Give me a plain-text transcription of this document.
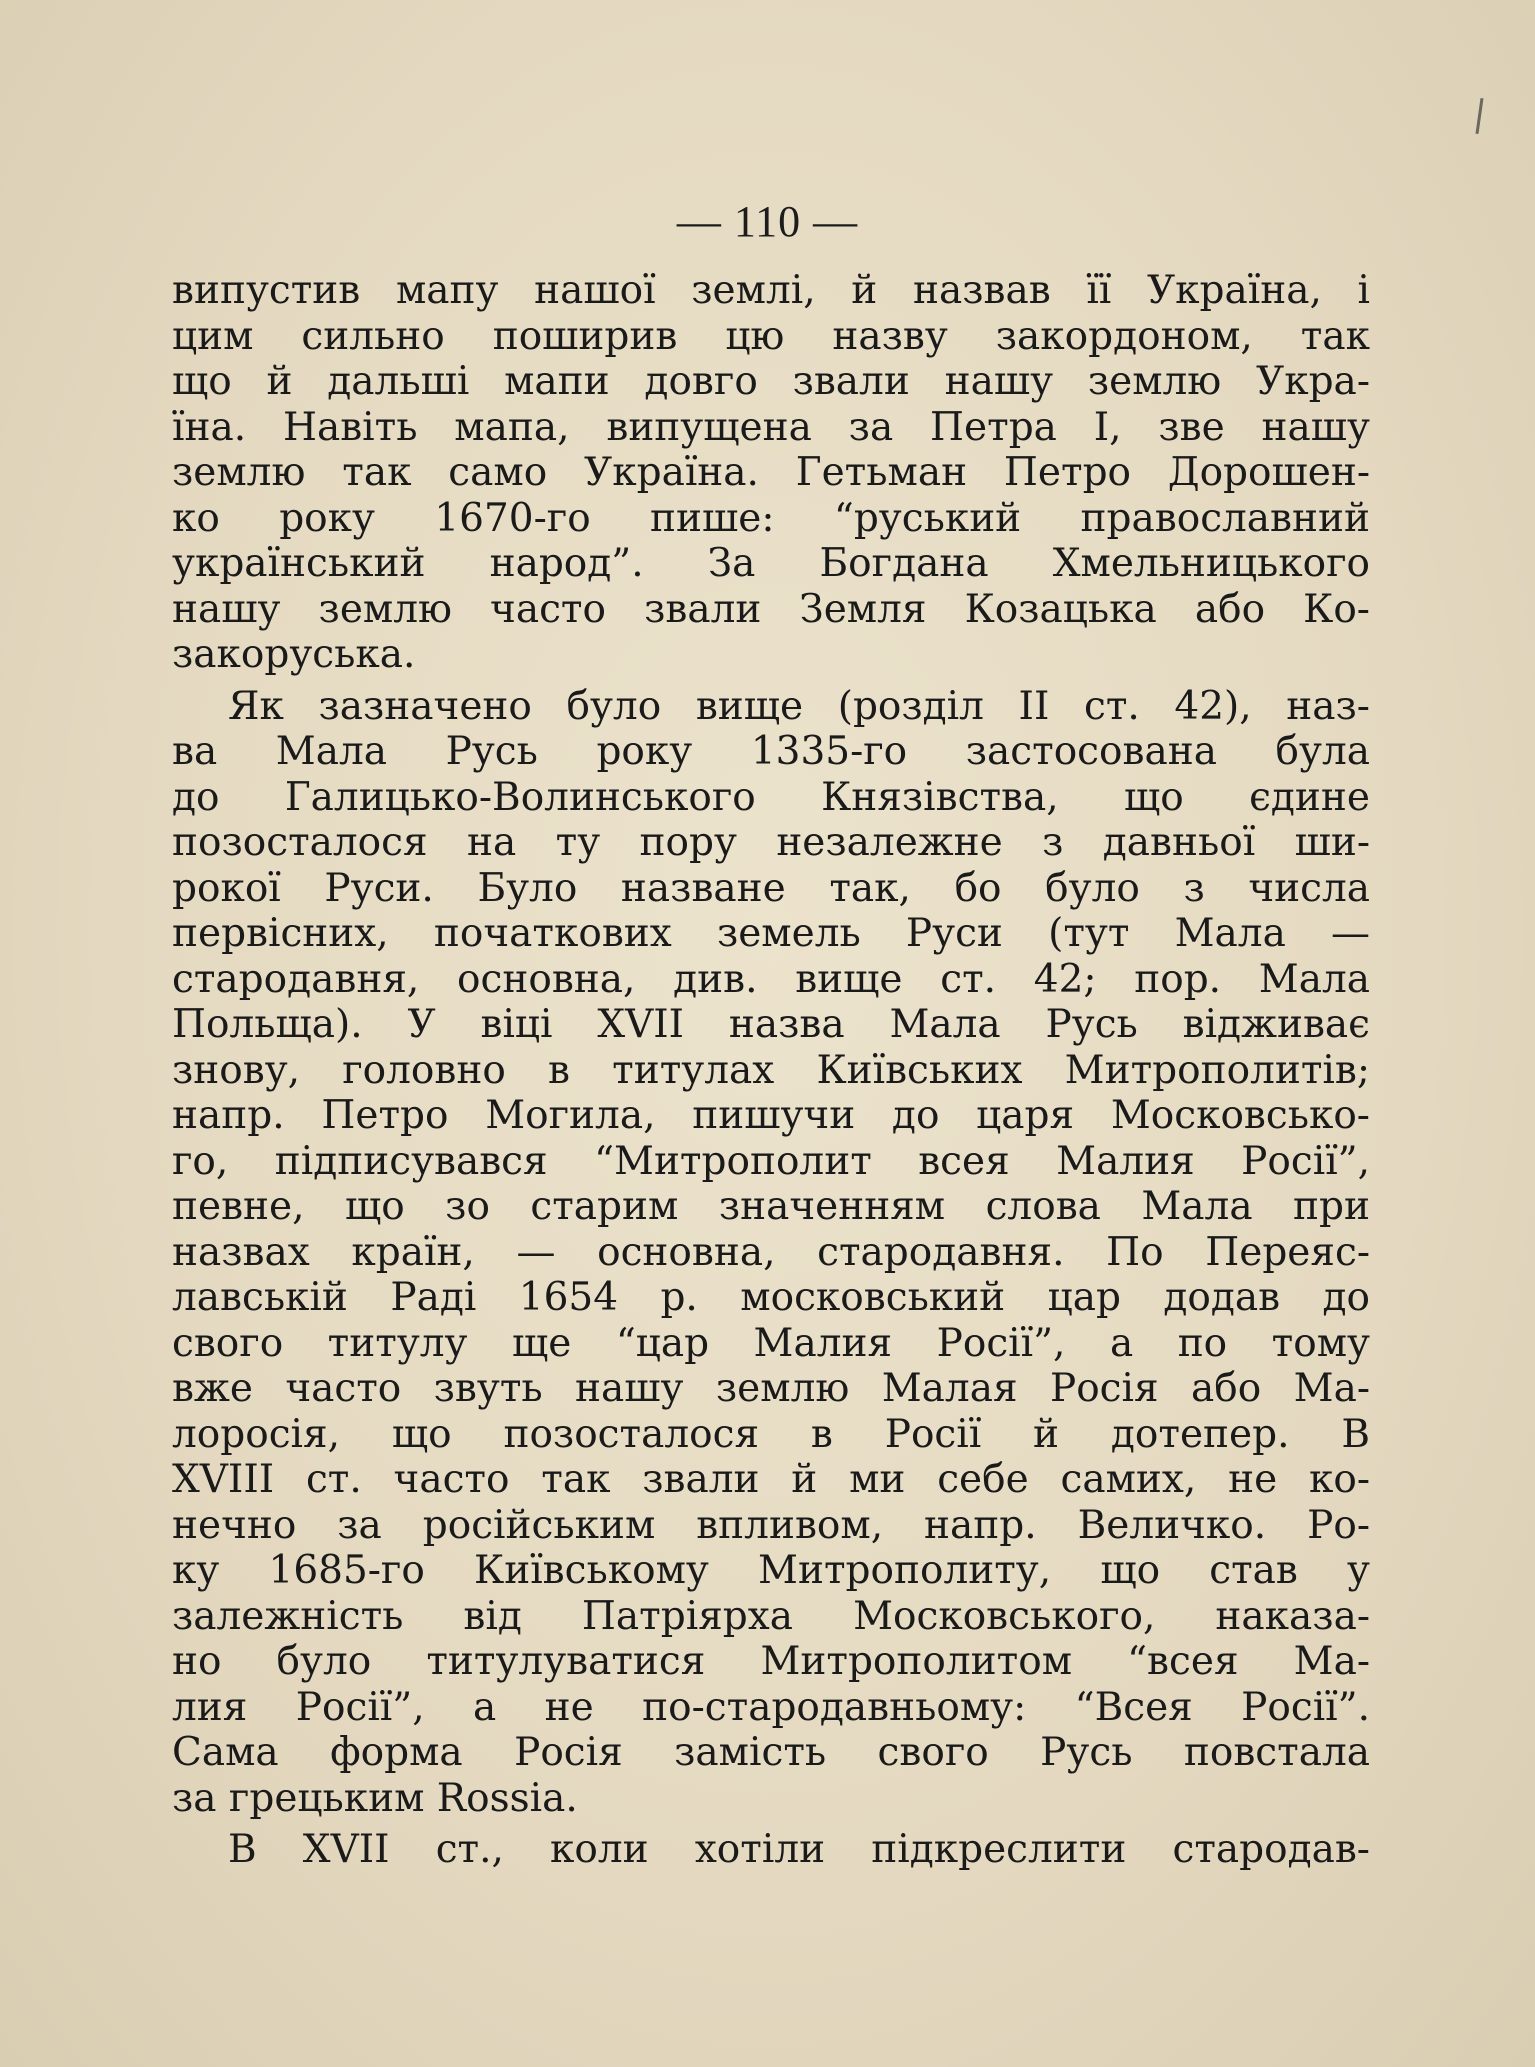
— 110 —
випустив мапу нашої землі, й назвав її Україна, і
цим сильно поширив цю назву закордоном, так
що й дальші мапи довго звали нашу землю Укра-
їна. Навіть мапа, випущена за Петра І, зве нашу
землю так само Україна. Гетьман Петро Дорошен-
ко року 1670-го пише: “руський православний
український народ”. За Богдана Хмельницького
нашу землю часто звали Земля Козацька або Ко-
закоруська.
Як зазначено було вище (розділ ІІ ст. 42), наз-
ва Мала Русь року 1335-го застосована була
до Галицько-Волинського Князівства, що єдине
позосталося на ту пору незалежне з давньої ши-
рокої Руси. Було назване так, бо було з числа
первісних, початкових земель Руси (тут Мала —
стародавня, основна, див. вище ст. 42; пор. Мала
Польща). У віці XVII назва Мала Русь відживає
знову, головно в титулах Київських Митрополитів;
напр. Петро Могила, пишучи до царя Московсько-
го, підписувався “Митрополит всея Малия Росії”,
певне, що зо старим значенням слова Мала при
назвах країн, — основна, стародавня. По Переяс-
лавській Раді 1654 р. московський цар додав до
свого титулу ще “цар Малия Росії”, а по тому
вже часто звуть нашу землю Малая Росія або Ма-
лоросія, що позосталося в Росії й дотепер. В
XVIII ст. часто так звали й ми себе самих, не ко-
нечно за російським впливом, напр. Величко. Ро-
ку 1685-го Київському Митрополиту, що став у
залежність від Патріярха Московського, наказа-
но було титулуватися Митрополитом “всея Ма-
лия Росії”, а не по-стародавньому: “Всея Росії”.
Сама форма Росія замість свого Русь повстала
за грецьким Rossia.
В XVII ст., коли хотіли підкреслити стародав-
